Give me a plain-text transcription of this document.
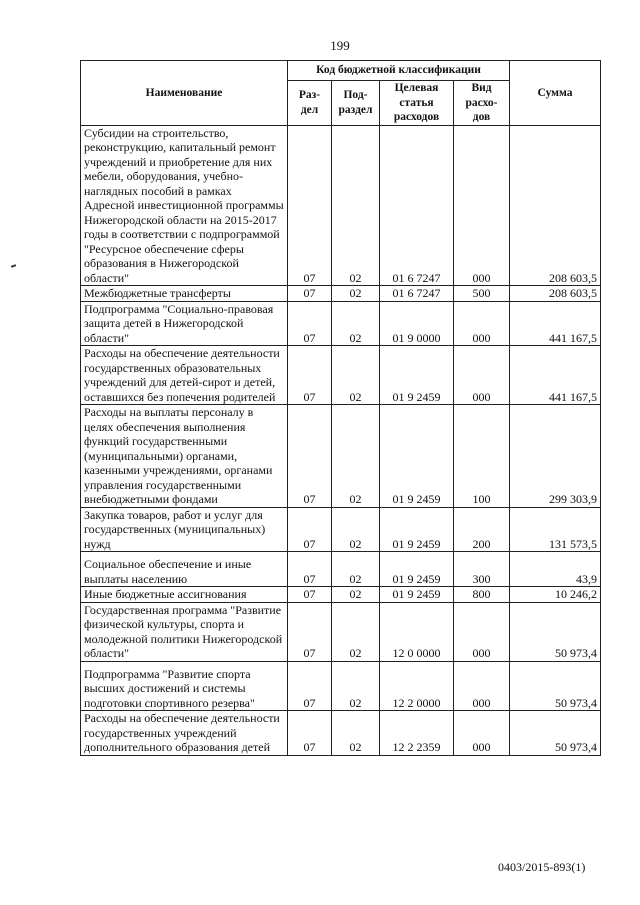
199
Наименование	Код бюджетной классификации				Сумма
	Раз-дел	Под-раздел	Целевая статья расходов	Вид расхо-дов	
Субсидии на строительство, реконструкцию, капитальный ремонт учреждений и приобретение для них мебели, оборудования, учебно-наглядных пособий в рамках Адресной инвестиционной программы Нижегородской области на 2015-2017 годы в соответствии с подпрограммой "Ресурсное обеспечение сферы образования в Нижегородской области"	07	02	01 6 7247	000	208 603,5
Межбюджетные трансферты	07	02	01 6 7247	500	208 603,5
Подпрограмма "Социально-правовая защита детей в Нижегородской области"	07	02	01 9 0000	000	441 167,5
Расходы на обеспечение деятельности государственных образовательных учреждений для детей-сирот и детей, оставшихся без попечения родителей	07	02	01 9 2459	000	441 167,5
Расходы на выплаты персоналу в целях обеспечения выполнения функций государственными (муниципальными) органами, казенными учреждениями, органами управления государственными внебюджетными фондами	07	02	01 9 2459	100	299 303,9
Закупка товаров, работ и услуг для государственных (муниципальных) нужд	07	02	01 9 2459	200	131 573,5
Социальное обеспечение и иные выплаты населению	07	02	01 9 2459	300	43,9
Иные бюджетные ассигнования	07	02	01 9 2459	800	10 246,2
Государственная программа "Развитие физической культуры, спорта и молодежной политики Нижегородской области"	07	02	12 0 0000	000	50 973,4
Подпрограмма "Развитие спорта высших достижений и системы подготовки спортивного резерва"	07	02	12 2 0000	000	50 973,4
Расходы на обеспечение деятельности государственных учреждений дополнительного образования детей	07	02	12 2 2359	000	50 973,4
0403/2015-893(1)
